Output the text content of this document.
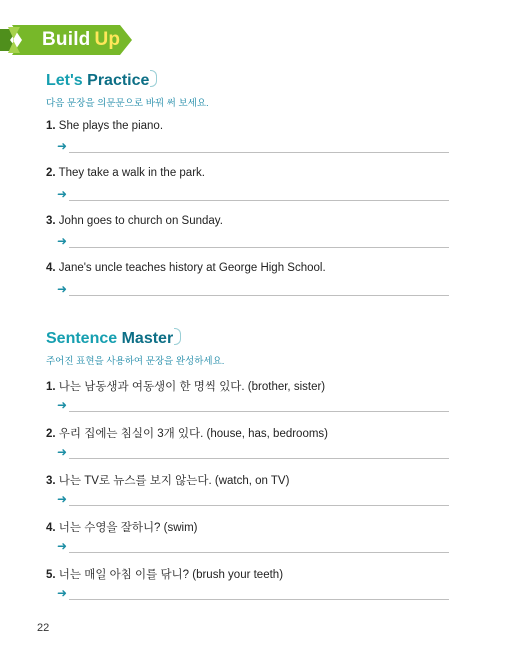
Build Up
Let's Practice
다음 문장을 의문문으로 바꿔 써 보세요.
1. She plays the piano.
➜
2. They take a walk in the park.
➜
3. John goes to church on Sunday.
➜
4. Jane's uncle teaches history at George High School.
➜
Sentence Master
주어진 표현을 사용하여 문장을 완성하세요.
1. 나는 남동생과 여동생이 한 명씩 있다. (brother, sister)
➜
2. 우리 집에는 침실이 3개 있다. (house, has, bedrooms)
➜
3. 나는 TV로 뉴스를 보지 않는다. (watch, on TV)
➜
4. 너는 수영을 잘하니? (swim)
➜
5. 너는 매일 아침 이를 닦니? (brush your teeth)
➜
22
